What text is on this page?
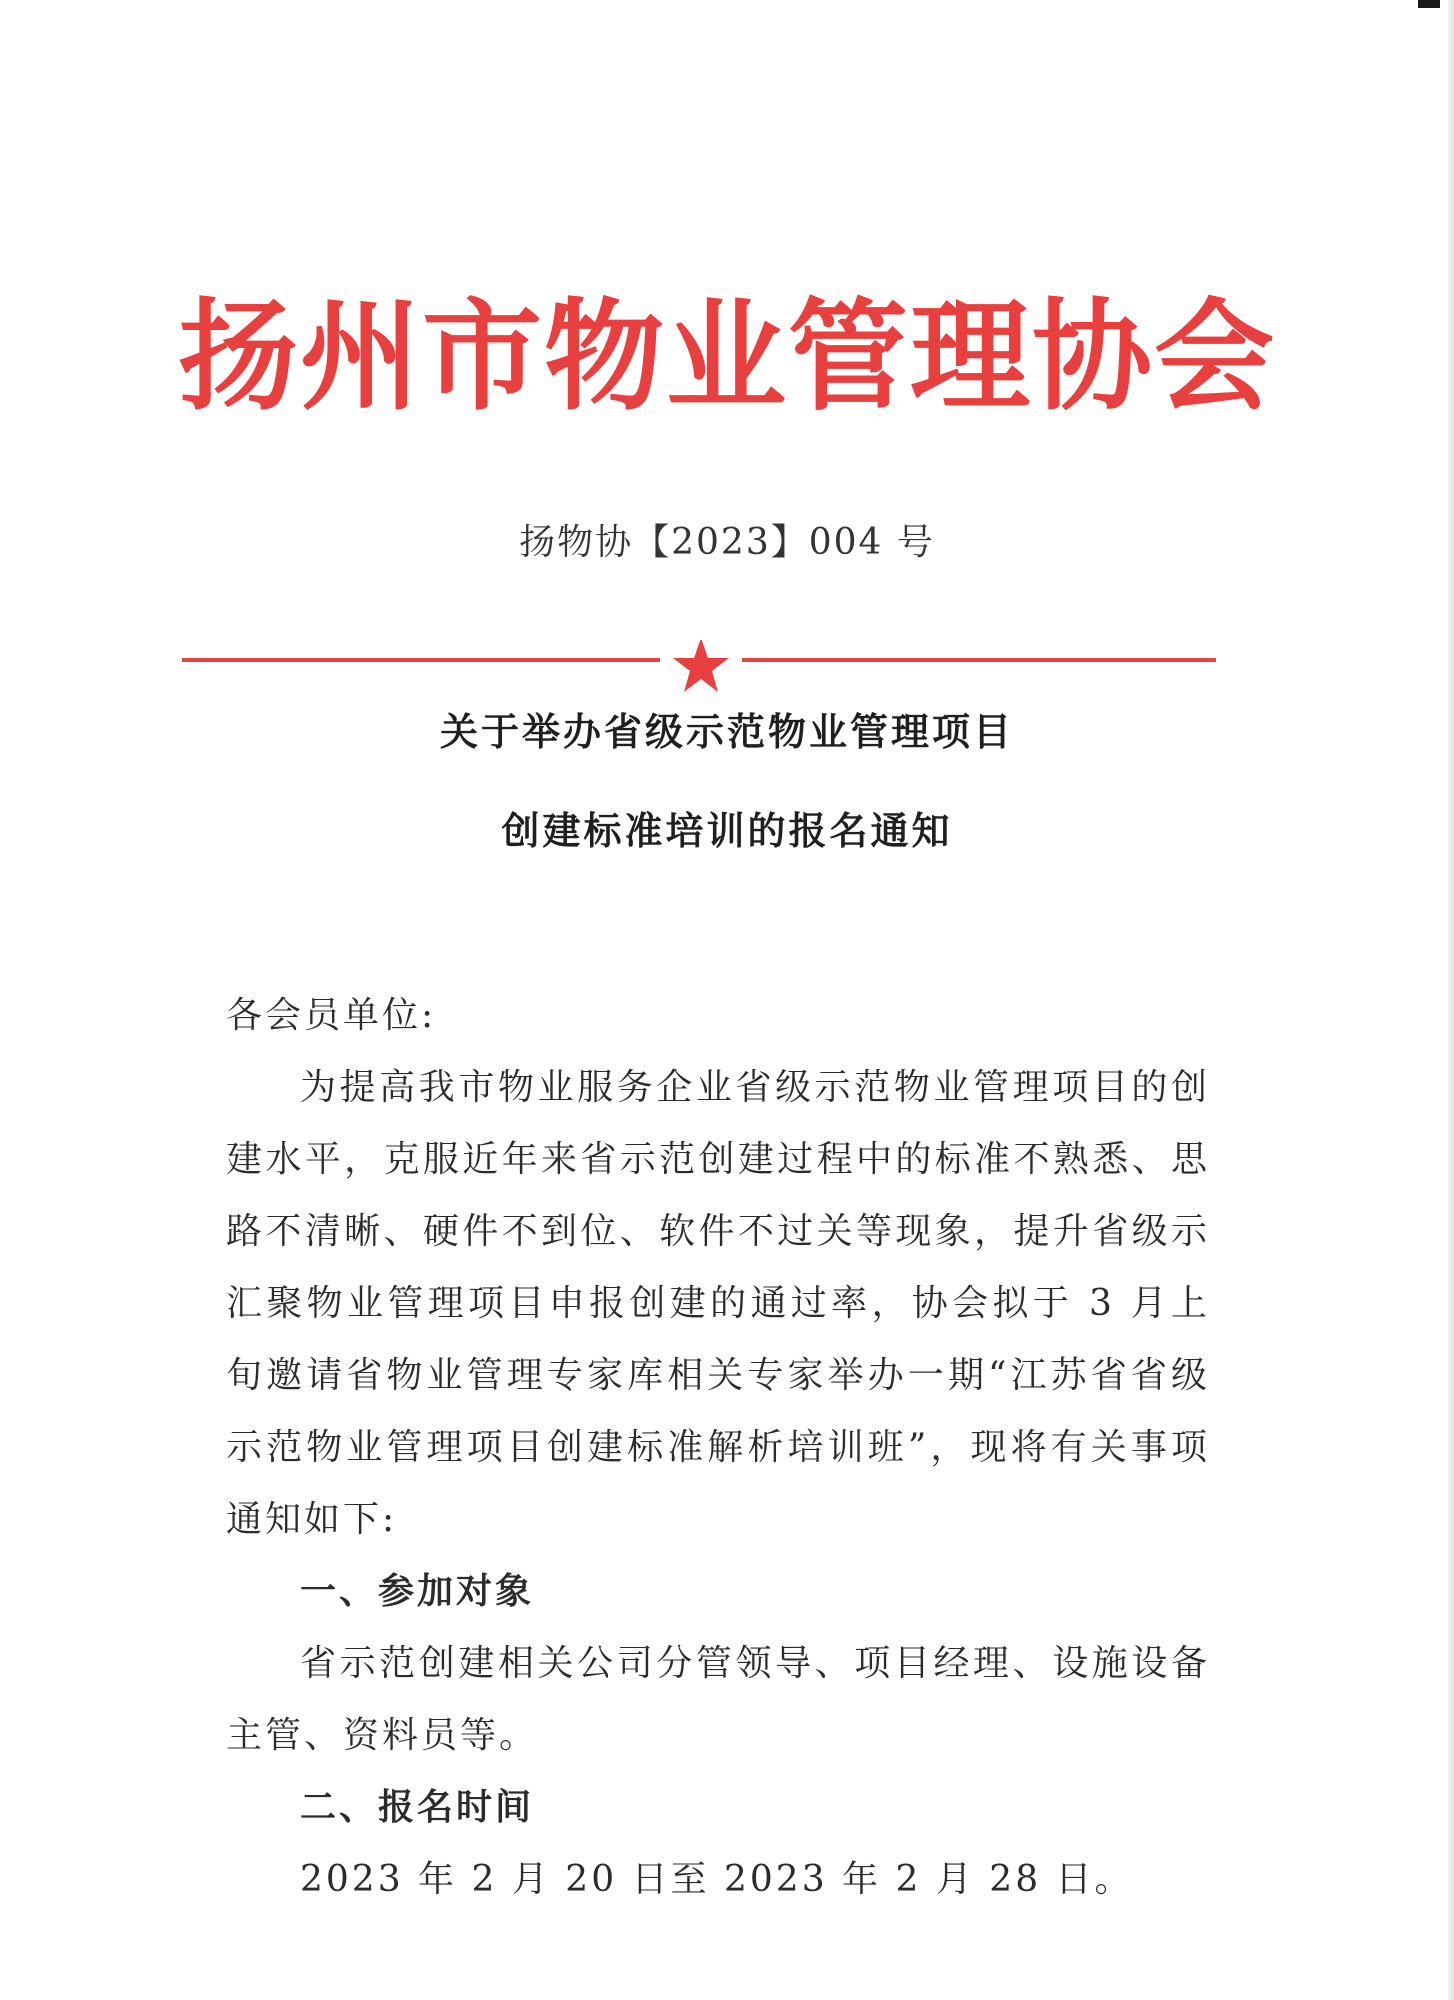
扬州市物业管理协会
扬物协【2023】004 号
关于举办省级示范物业管理项目
创建标准培训的报名通知

各会员单位:

为提高我市物业服务企业省级示范物业管理项目的创建水平，克服近年来省示范创建过程中的标准不熟悉、思路不清晰、硬件不到位、软件不过关等现象，提升省级示汇聚物业管理项目申报创建的通过率，协会拟于 3 月上旬邀请省物业管理专家库相关专家举办一期“江苏省省级示范物业管理项目创建标准解析培训班”，现将有关事项通知如下:

一、参加对象

省示范创建相关公司分管领导、项目经理、设施设备主管、资料员等。

二、报名时间

2023 年 2 月 20 日至 2023 年 2 月 28 日。
